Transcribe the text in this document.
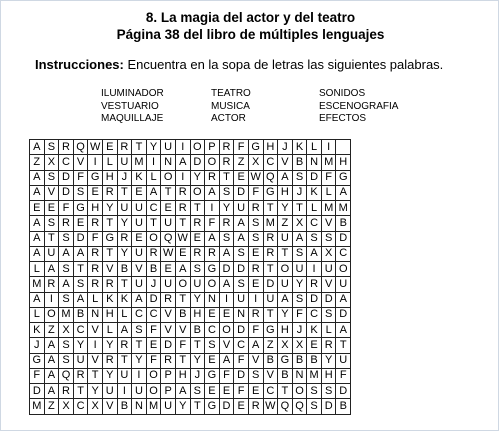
8. La magia del actor y del teatro
Página 38 del libro de múltiples lenguajes
Instrucciones: Encuentra en la sopa de letras las siguientes palabras.
ILUMINADOR
VESTUARIO
MAQUILLAJE
TEATRO
MUSICA
ACTOR
SONIDOS
ESCENOGRAFIA
EFECTOS
A	S	R	Q	W	E	R	T	Y	U	I	O	P	R	F	G	H	J	K	L	I	
Z	X	C	V	I	L	U	M	I	N	A	D	O	R	Z	X	C	V	B	N	M	H
A	S	D	F	G	H	J	K	L	O	I	Y	R	T	E	W	Q	A	S	D	F	G
A	V	D	S	E	R	T	E	A	T	R	O	A	S	D	F	G	H	J	K	L	A
E	E	F	G	H	Y	U	U	C	E	R	T	I	Y	U	R	T	Y	T	L	M	M
A	S	R	E	R	T	Y	U	T	U	T	R	F	R	A	S	M	Z	X	C	V	B
A	T	S	D	F	G	R	E	O	Q	W	E	A	S	A	S	R	U	A	S	S	D
A	U	A	A	R	T	Y	U	R	W	E	R	R	A	S	E	R	T	S	A	X	C
L	A	S	T	R	V	B	V	B	E	A	S	G	D	D	R	T	O	U	I	U	O
M	R	A	S	R	R	T	U	J	U	O	U	O	A	S	E	D	U	Y	R	V	U
A	I	S	A	L	K	K	A	D	R	T	Y	N	I	U	I	U	A	S	D	D	A
L	O	M	B	N	H	L	C	C	V	B	H	E	E	N	R	T	Y	F	C	S	D
K	Z	X	C	V	L	A	S	F	V	V	B	C	O	D	F	G	H	J	K	L	A
J	A	S	Y	I	Y	R	T	E	D	F	T	S	V	C	A	Z	X	X	E	R	T
G	A	S	U	V	R	T	Y	F	R	T	Y	E	A	F	V	B	G	B	B	Y	U
F	A	Q	R	T	Y	U	I	O	P	H	J	G	F	D	S	V	B	N	M	H	F
D	A	R	T	Y	U	I	U	O	P	A	S	E	E	F	E	C	T	O	S	S	D
M	Z	X	C	X	V	B	N	M	U	Y	T	G	D	E	R	W	Q	Q	S	D	B
